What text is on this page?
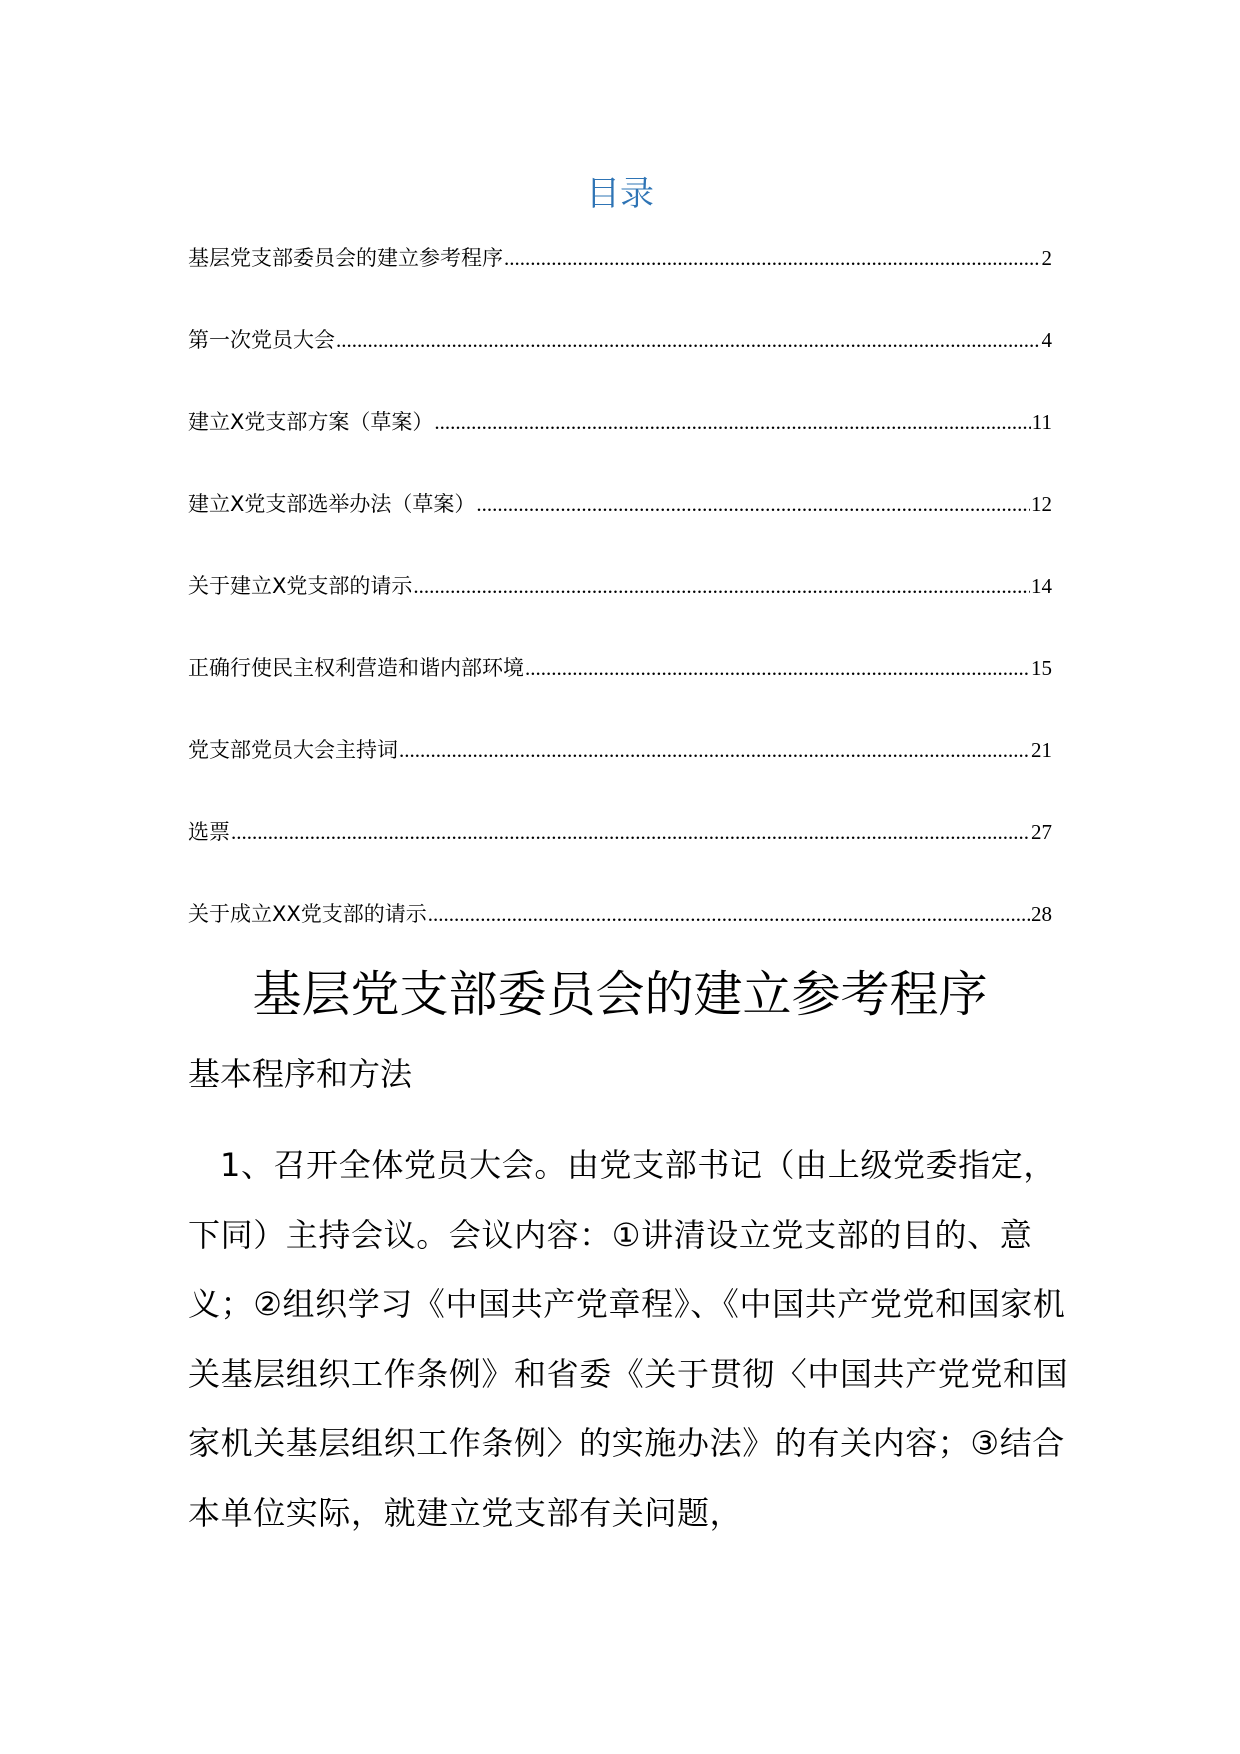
目录
基层党支部委员会的建立参考程序 .....	2
第一次党员大会 .....	4
建立X党支部方案（草案） .....	11
建立X党支部选举办法（草案） .....	12
关于建立X党支部的请示 .....	14
正确行使民主权利营造和谐内部环境 .....	15
党支部党员大会主持词 .....	21
选票 .....	27
关于成立XX党支部的请示 .....	28
基层党支部委员会的建立参考程序
基本程序和方法
1、召开全体党员大会。由党支部书记（由上级党委指定，下同）主持会议。会议内容：①讲清设立党支部的目的、意义；②组织学习《中国共产党章程》、《中国共产党党和国家机关基层组织工作条例》和省委《关于贯彻〈中国共产党党和国家机关基层组织工作条例〉的实施办法》的有关内容；③结合本单位实际，就建立党支部有关问题，
